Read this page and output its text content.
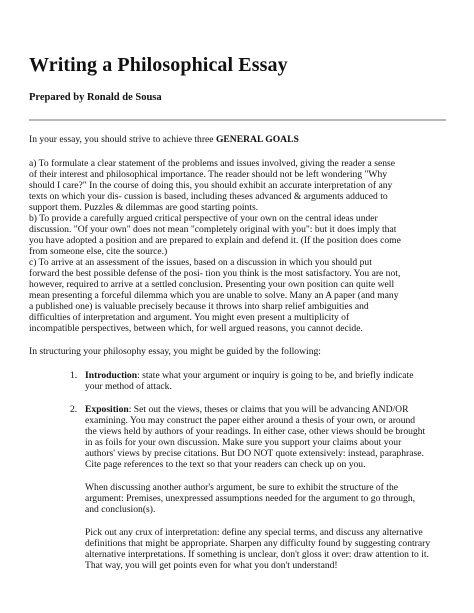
Writing a Philosophical Essay

Prepared by Ronald de Sousa

In your essay, you should strive to achieve three GENERAL GOALS

a) To formulate a clear statement of the problems and issues involved, giving the reader a sense

of their interest and philosophical importance. The reader should not be left wondering "Why

should I care?" In the course of doing this, you should exhibit an accurate interpretation of any

texts on which your dis- cussion is based, including theses advanced & arguments adduced to

support them. Puzzles & dilemmas are good starting points.

b) To provide a carefully argued critical perspective of your own on the central ideas under

discussion. "Of your own" does not mean "completely original with you": but it does imply that

you have adopted a position and are prepared to explain and defend it. (If the position does come

from someone else, cite the source.)

c) To arrive at an assessment of the issues, based on a discussion in which you should put

forward the best possible defense of the posi- tion you think is the most satisfactory. You are not,

however, required to arrive at a settled conclusion. Presenting your own position can quite well

mean presenting a forceful dilemma which you are unable to solve. Many an A paper (and many

a published one) is valuable precisely because it throws into sharp relief ambiguities and

difficulties of interpretation and argument. You might even present a multiplicity of

incompatible perspectives, between which, for well argued reasons, you cannot decide.

In structuring your philosophy essay, you might be guided by the following:

1. Introduction: state what your argument or inquiry is going to be, and briefly indicate

your method of attack.

2. Exposition: Set out the views, theses or claims that you will be advancing AND/OR

examining. You may construct the paper either around a thesis of your own, or around

the views held by authors of your readings. In either case, other views should be brought

in as foils for your own discussion. Make sure you support your claims about your

authors' views by precise citations. But DO NOT quote extensively: instead, paraphrase.

Cite page references to the text so that your readers can check up on you.

When discussing another author's argument, be sure to exhibit the structure of the

argument: Premises, unexpressed assumptions needed for the argument to go through,

and conclusion(s).

Pick out any crux of interpretation: define any special terms, and discuss any alternative

definitions that might be appropriate. Sharpen any difficulty found by suggesting contrary

alternative interpretations. If something is unclear, don't gloss it over: draw attention to it.

That way, you will get points even for what you don't understand!
